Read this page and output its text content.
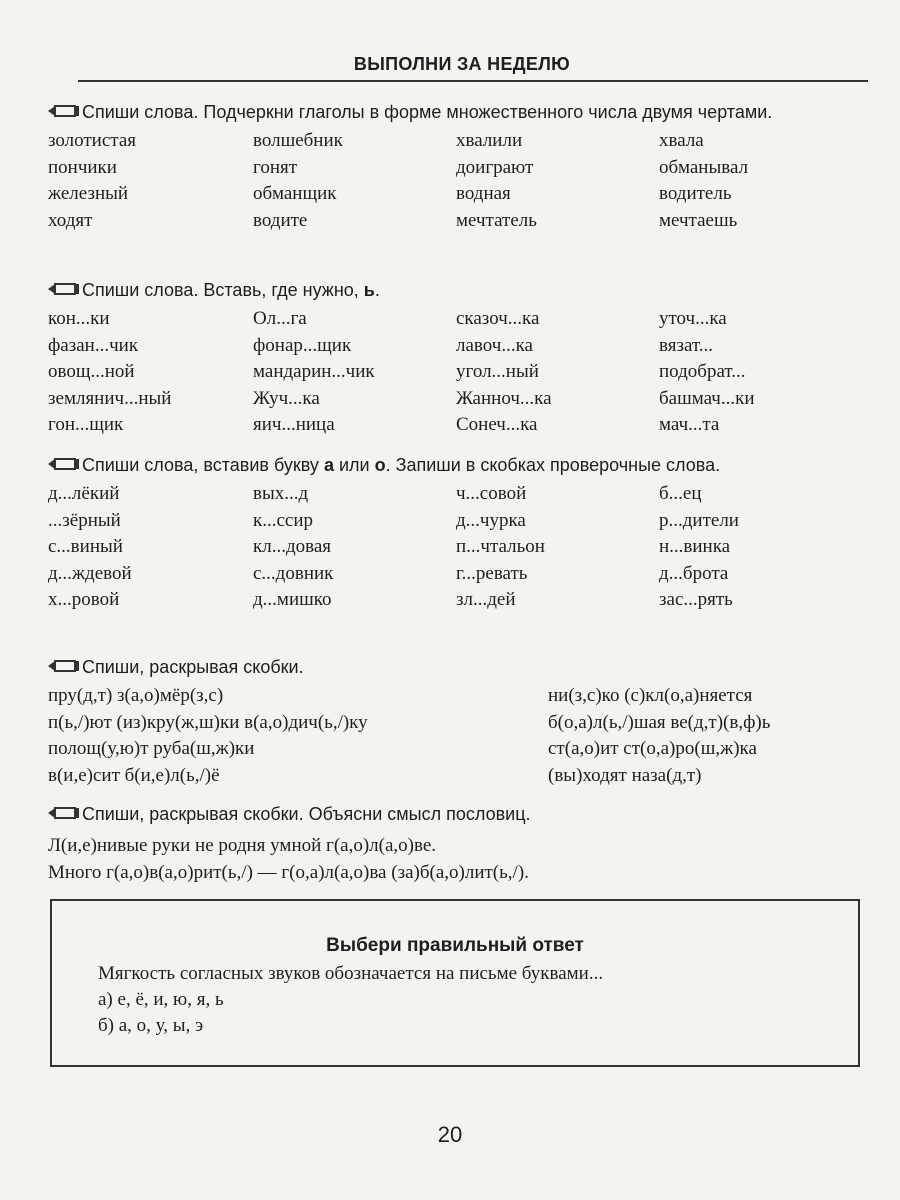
ВЫПОЛНИ ЗА НЕДЕЛЮ
Спиши слова. Подчеркни глаголы в форме множественного числа двумя чертами.
золотистая	волшебник	хвалили	хвала
пончики	гонят	доиграют	обманывал
железный	обманщик	водная	водитель
ходят	водите	мечтатель	мечтаешь
Спиши слова. Вставь, где нужно, ь.
кон...ки	Ол...га	сказоч...ка	уточ...ка
фазан...чик	фонар...щик	лавоч...ка	вязат...
овощ...ной	мандарин...чик	угол...ный	подобрат...
землянич...ный	Жуч...ка	Жанноч...ка	башмач...ки
гон...щик	яич...ница	Сонеч...ка	мач...та
Спиши слова, вставив букву а или о. Запиши в скобках проверочные слова.
д...лёкий	вых...д	ч...совой	б...ец
...зёрный	к...ссир	д...чурка	р...дители
с...виный	кл...довая	п...чтальон	н...винка
д...ждевой	с...довник	г...ревать	д...брота
х...ровой	д...мишко	зл...дей	зас...рять
Спиши, раскрывая скобки.
пру(д,т) з(а,о)мёр(з,с)	ни(з,с)ко (с)кл(о,а)няется
п(ь,/)ют (из)кру(ж,ш)ки в(а,о)дич(ь,/)ку	б(о,а)л(ь,/)шая ве(д,т)(в,ф)ь
полощ(у,ю)т руба(ш,ж)ки	ст(а,о)ит ст(о,а)ро(ш,ж)ка
в(и,е)сит б(и,е)л(ь,/)ё	(вы)ходят наза(д,т)
Спиши, раскрывая скобки. Объясни смысл пословиц.
Л(и,е)нивые руки не родня умной г(а,о)л(а,о)ве.
Много г(а,о)в(а,о)рит(ь,/) — г(о,а)л(а,о)ва (за)б(а,о)лит(ь,/).
Выбери правильный ответ
Мягкость согласных звуков обозначается на письме буквами...
а) е, ё, и, ю, я, ь
б) а, о, у, ы, э
20
